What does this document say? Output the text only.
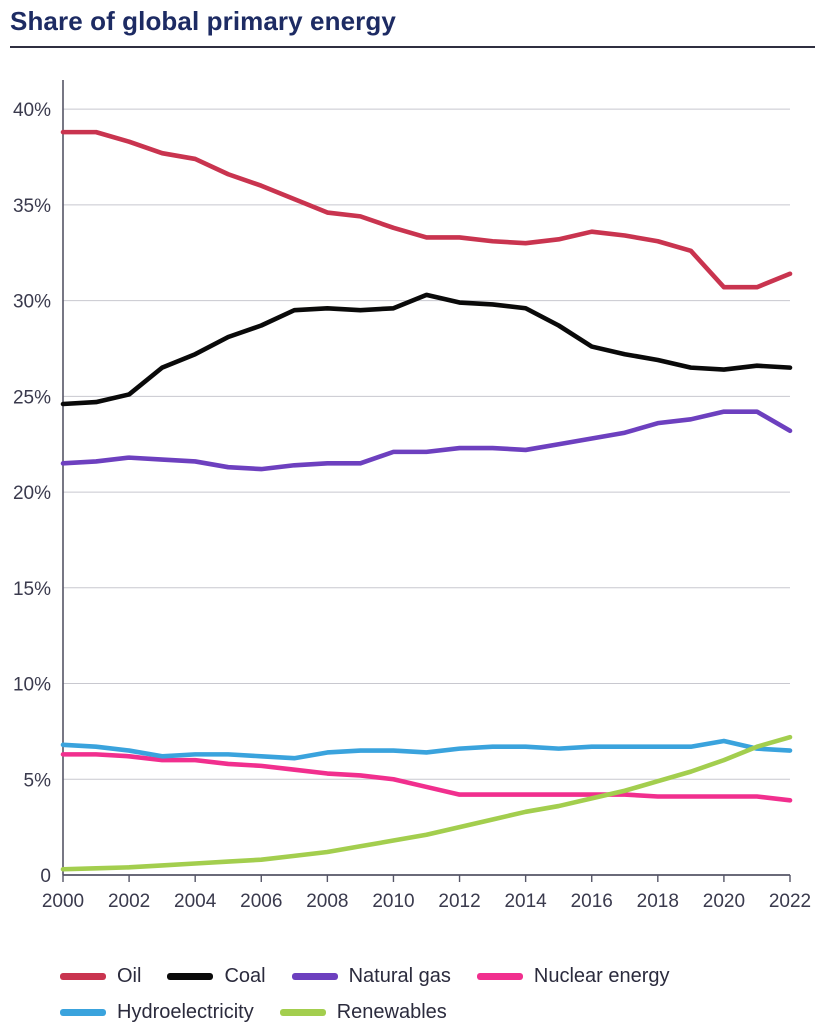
Share of global primary energy
0
5%
10%
15%
20%
25%
30%
35%
40%
2000 2002 2004 2006 2008 2010 2012 2014 2016 2018 2020 2022
Oil	Coal	Natural gas	Nuclear energy
Hydroelectricity	Renewables
